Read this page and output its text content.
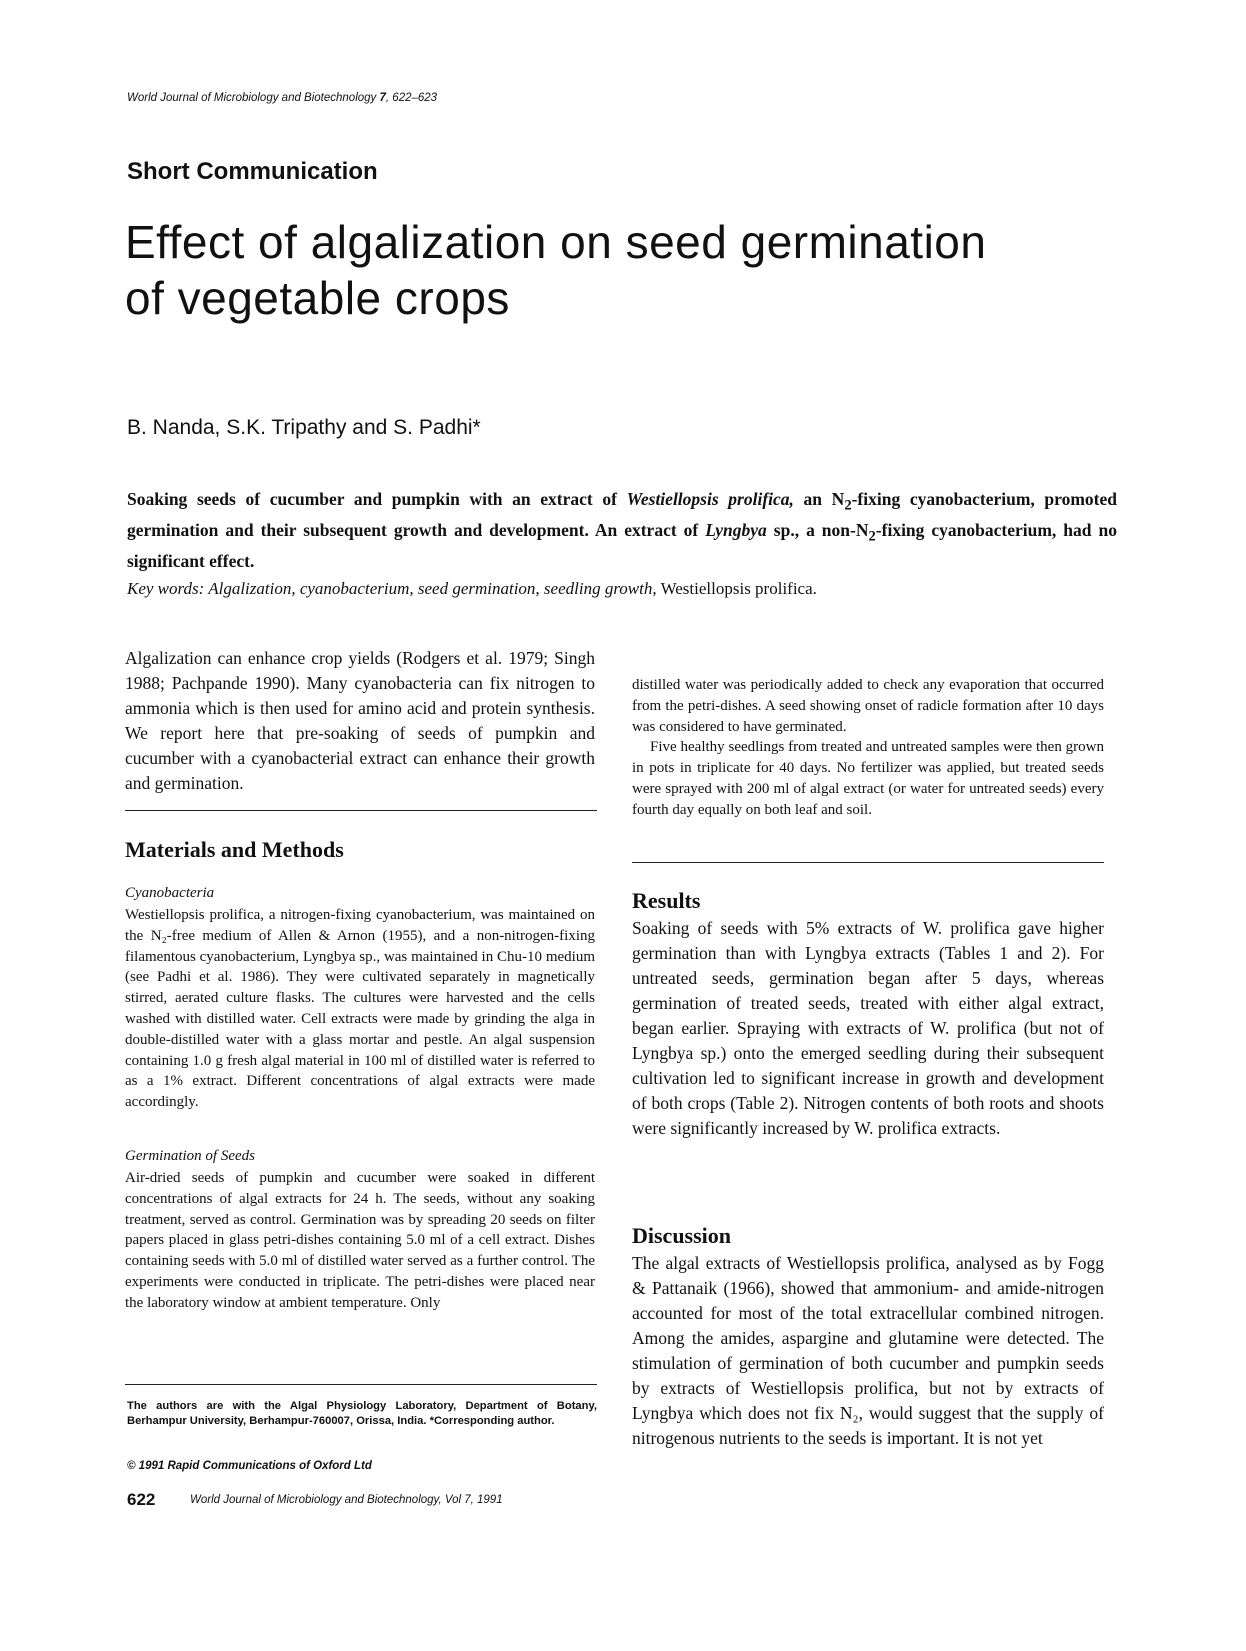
World Journal of Microbiology and Biotechnology 7, 622–623
Short Communication
Effect of algalization on seed germination
of vegetable crops
B. Nanda, S.K. Tripathy and S. Padhi*
Soaking seeds of cucumber and pumpkin with an extract of Westiellopsis prolifica, an $N_2$-fixing cyanobacterium, promoted germination and their subsequent growth and development. An extract of Lyngbya sp., a non-$N_2$-fixing cyanobacterium, had no significant effect.
Key words: Algalization, cyanobacterium, seed germination, seedling growth, Westiellopsis prolifica.
Algalization can enhance crop yields (Rodgers et al. 1979; Singh 1988; Pachpande 1990). Many cyanobacteria can fix nitrogen to ammonia which is then used for amino acid and protein synthesis. We report here that pre-soaking of seeds of pumpkin and cucumber with a cyanobacterial extract can enhance their growth and germination.
Materials and Methods
Cyanobacteria
Westiellopsis prolifica, a nitrogen-fixing cyanobacterium, was maintained on the N₂-free medium of Allen & Arnon (1955), and a non-nitrogen-fixing filamentous cyanobacterium, Lyngbya sp., was maintained in Chu-10 medium (see Padhi et al. 1986). They were cultivated separately in magnetically stirred, aerated culture flasks. The cultures were harvested and the cells washed with distilled water. Cell extracts were made by grinding the alga in double-distilled water with a glass mortar and pestle. An algal suspension containing 1.0 g fresh algal material in 100 ml of distilled water is referred to as a 1% extract. Different concentrations of algal extracts were made accordingly.
Germination of Seeds
Air-dried seeds of pumpkin and cucumber were soaked in different concentrations of algal extracts for 24 h. The seeds, without any soaking treatment, served as control. Germination was by spreading 20 seeds on filter papers placed in glass petri-dishes containing 5.0 ml of a cell extract. Dishes containing seeds with 5.0 ml of distilled water served as a further control. The experiments were conducted in triplicate. The petri-dishes were placed near the laboratory window at ambient temperature. Only
The authors are with the Algal Physiology Laboratory, Department of Botany, Berhampur University, Berhampur-760007, Orissa, India. *Corresponding author.
© 1991 Rapid Communications of Oxford Ltd
622	World Journal of Microbiology and Biotechnology, Vol 7, 1991

distilled water was periodically added to check any evaporation that occurred from the petri-dishes. A seed showing onset of radicle formation after 10 days was considered to have germinated.

Five healthy seedlings from treated and untreated samples were then grown in pots in triplicate for 40 days. No fertilizer was applied, but treated seeds were sprayed with 200 ml of algal extract (or water for untreated seeds) every fourth day equally on both leaf and soil.

Results
Soaking of seeds with 5% extracts of W. prolifica gave higher germination than with Lyngbya extracts (Tables 1 and 2). For untreated seeds, germination began after 5 days, whereas germination of treated seeds, treated with either algal extract, began earlier. Spraying with extracts of W. prolifica (but not of Lyngbya sp.) onto the emerged seedling during their subsequent cultivation led to significant increase in growth and development of both crops (Table 2). Nitrogen contents of both roots and shoots were significantly increased by W. prolifica extracts.
Discussion
The algal extracts of Westiellopsis prolifica, analysed as by Fogg & Pattanaik (1966), showed that ammonium- and amide-nitrogen accounted for most of the total extracellular combined nitrogen. Among the amides, aspargine and glutamine were detected. The stimulation of germination of both cucumber and pumpkin seeds by extracts of Westiellopsis prolifica, but not by extracts of Lyngbya which does not fix N₂, would suggest that the supply of nitrogenous nutrients to the seeds is important. It is not yet
